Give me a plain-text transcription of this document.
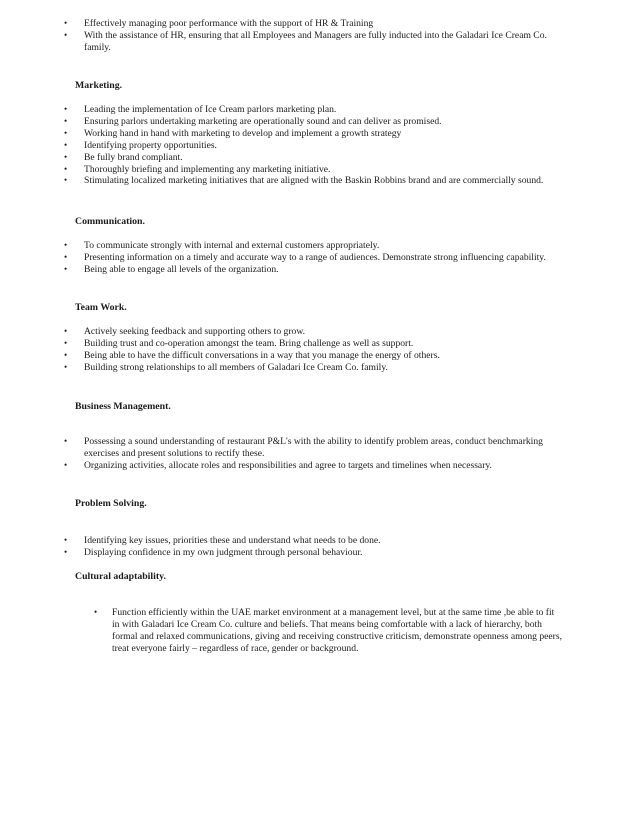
• Effectively managing poor performance with the support of HR & Training

• With the assistance of HR, ensuring that all Employees and Managers are fully inducted into the Galadari Ice Cream Co. family.

Marketing.

• Leading the implementation of Ice Cream parlors marketing plan.

• Ensuring parlors undertaking marketing are operationally sound and can deliver as promised.

• Working hand in hand with marketing to develop and implement a growth strategy

• Identifying property opportunities.

• Be fully brand compliant.

• Thoroughly briefing and implementing any marketing initiative.

• Stimulating localized marketing initiatives that are aligned with the Baskin Robbins brand and are commercially sound.

Communication.

• To communicate strongly with internal and external customers appropriately.

• Presenting information on a timely and accurate way to a range of audiences. Demonstrate strong influencing capability.

• Being able to engage all levels of the organization.

Team Work.

• Actively seeking feedback and supporting others to grow.

• Building trust and co-operation amongst the team. Bring challenge as well as support.

• Being able to have the difficult conversations in a way that you manage the energy of others.

• Building strong relationships to all members of Galadari Ice Cream Co. family.

Business Management.

• Possessing a sound understanding of restaurant P&L's with the ability to identify problem areas, conduct benchmarking exercises and present solutions to rectify these.

• Organizing activities, allocate roles and responsibilities and agree to targets and timelines when necessary.

Problem Solving.

• Identifying key issues, priorities these and understand what needs to be done.

• Displaying confidence in my own judgment through personal behaviour.

Cultural adaptability.

• Function efficiently within the UAE market environment at a management level, but at the same time ,be able to fit in with Galadari Ice Cream Co. culture and beliefs. That means being comfortable with a lack of hierarchy, both formal and relaxed communications, giving and receiving constructive criticism, demonstrate openness among peers, treat everyone fairly – regardless of race, gender or background.
